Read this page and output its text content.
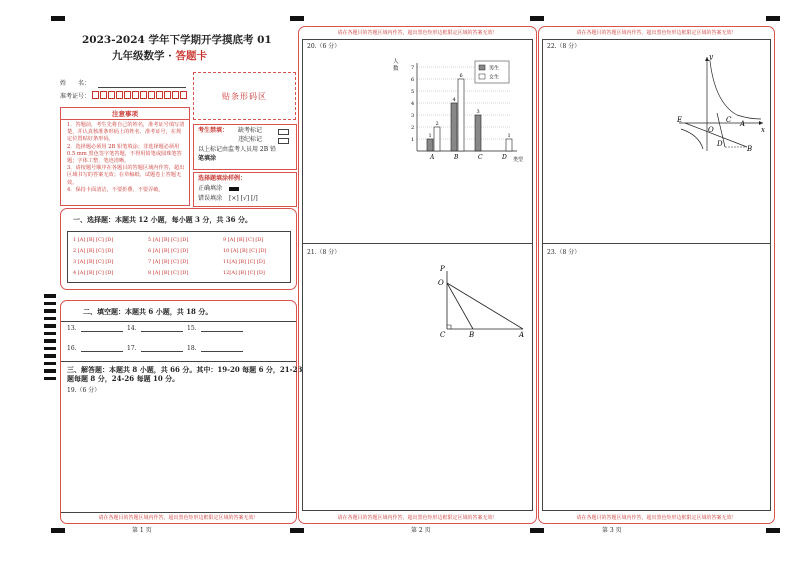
2023-2024 学年下学期开学摸底考 01
九年级数学 · 答题卡
姓　　名：
准考证号：	贴条形码区
注意事项
1．答题前，考生先将自己的姓名，准考证号填写清楚，并认真核准条形码上的姓名、准考证号，在规定位置贴好条形码。
2．选择题必须用 2B 铅笔填涂；非选择题必须用 0.5 mm 黑色签字笔答题，不得用铅笔或圆珠笔答题；字体工整、笔迹清晰。
3．请按题号顺序在各题目的答题区域内作答，超出区域书写的答案无效；在草稿纸、试题卷上答题无效。
4．保持卡面清洁，不要折叠、不要弄破。
考生禁填： 缺考标记
违纪标记
以上标记由监考人员用 2B 铅
笔填涂
选择题填涂样例：
正确填涂
错误填涂 [×] [√] [/]
一、选择题：本题共 12 小题，每小题 3 分，共 36 分。
1 [A] [B] [C] [D]	5 [A] [B] [C] [D]	9 [A] [B] [C] [D]
2 [A] [B] [C] [D]	6 [A] [B] [C] [D]	10 [A] [B] [C] [D]
3 [A] [B] [C] [D]	7 [A] [B] [C] [D]	11[A] [B] [C] [D]
4 [A] [B] [C] [D]	8 [A] [B] [C] [D]	12[A] [B] [C] [D]
二、填空题：本题共 6 小题，共 18 分。
13.	14.	15.
16.	17.	18.
三、解答题：本题共 8 小题，共 66 分。其中：19-20 每题 6 分，21-23
题每题 8 分，24-26 每题 10 分。
19.（6 分）
请在各题目的答题区域内作答，超出黑色矩形边框限定区域的答案无效！
第 1 页
请在各题目的答题区域内作答，超出黑色矩形边框限定区域的答案无效！
20.（6 分）
1
2
3
4
5
6
7
人
数
类型
1
2
A
4
6
B
3
C
1
D
男生
女生
21.（8 分）
P
O
C	B	A
请在各题目的答题区域内作答，超出黑色矩形边框限定区域的答案无效！
第 2 页
请在各题目的答题区域内作答，超出黑色矩形边框限定区域的答案无效！
22.（8 分）
y
x
E
O
C
D
A
B
23.（8 分）
请在各题目的答题区域内作答，超出黑色矩形边框限定区域的答案无效！
第 3 页
